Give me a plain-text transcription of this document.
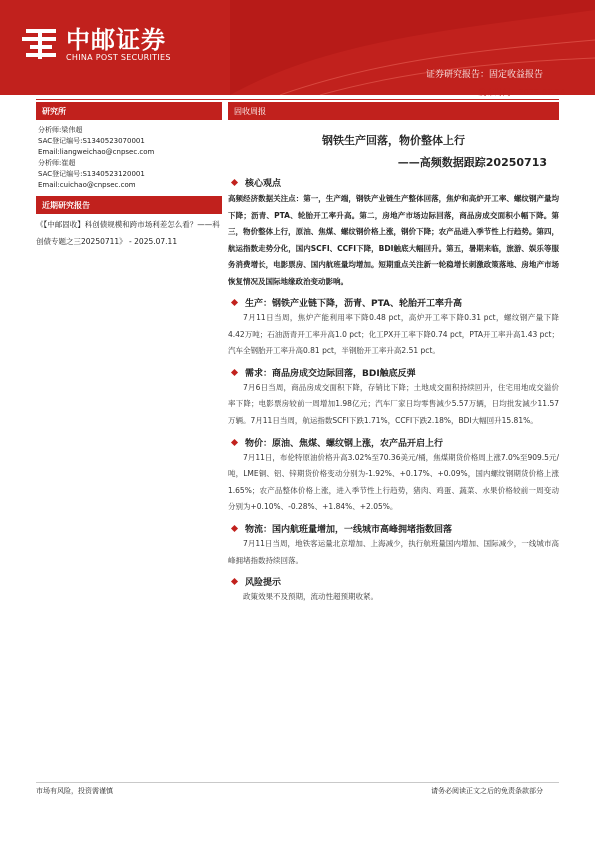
中邮证券
CHINA POST SECURITIES
证券研究报告：固定收益报告
发布时间：2025-07-14
研究所
分析师:梁伟超
SAC登记编号:S1340523070001
Email:liangweichao@cnpsec.com
分析师:崔超
SAC登记编号:S1340523120001
Email:cuichao@cnpsec.com
近期研究报告
《【中邮固收】科创债规模和跨市场利差怎么看？——科创债专题之三20250711》 - 2025.07.11
固收周报
钢铁生产回落，物价整体上行
——高频数据跟踪20250713
核心观点
高频经济数据关注点：第一，生产端，钢铁产业链生产整体回落，焦炉和高炉开工率、螺纹钢产量均下降；沥青、PTA、轮胎开工率升高。第二，房地产市场边际回落，商品房成交面积小幅下降。第三，物价整体上行，原油、焦煤、螺纹钢价格上涨，钢价下降；农产品进入季节性上行趋势。第四，航运指数走势分化，国内SCFI、CCFI下降，BDI触底大幅回升。第五，暑期来临，旅游、娱乐等服务消费增长，电影票房、国内航班量均增加。短期重点关注新一轮稳增长刺激政策落地、房地产市场恢复情况及国际地缘政治变动影响。
生产：钢铁产业链下降，沥青、PTA、轮胎开工率升高
7月11日当周，焦炉产能利用率下降0.48 pct，高炉开工率下降0.31 pct，螺纹钢产量下降4.42万吨；石油沥青开工率升高1.0 pct；化工PX开工率下降0.74 pct，PTA开工率升高1.43 pct；汽车全钢胎开工率升高0.81 pct，半钢胎开工率升高2.51 pct。
需求：商品房成交边际回落，BDI触底反弹
7月6日当周，商品房成交面积下降，存销比下降；土地成交面积持续回升，住宅用地成交溢价率下降；电影票房较前一周增加1.98亿元；汽车厂家日均零售減少5.57万辆，日均批发減少11.57万辆。7月11日当周，航运指数SCFI下跌1.71%，CCFI下跌2.18%，BDI大幅回升15.81%。
物价：原油、焦煤、螺纹钢上涨，农产品开启上行
7月11日，布伦特原油价格升高3.02%至70.36美元/桶，焦煤期货价格周上涨7.0%至909.5元/吨，LME铜、铝、锌期货价格变动分别为-1.92%、+0.17%、+0.09%，国内螺纹钢期货价格上涨1.65%；农产品整体价格上涨，进入季节性上行趋势，猪肉、鸡蛋、蔬菜、水果价格较前一周变动分别为+0.10%、-0.28%、+1.84%、+2.05%。
物流：国内航班量增加，一线城市高峰拥堵指数回落
7月11日当周，地铁客运量北京增加、上海减少，执行航班量国内增加、国际减少，一线城市高峰拥堵指数持续回落。
风险提示
政策效果不及预期，流动性超预期收紧。
市场有风险，投资需谨慎	请务必阅读正文之后的免责条款部分
